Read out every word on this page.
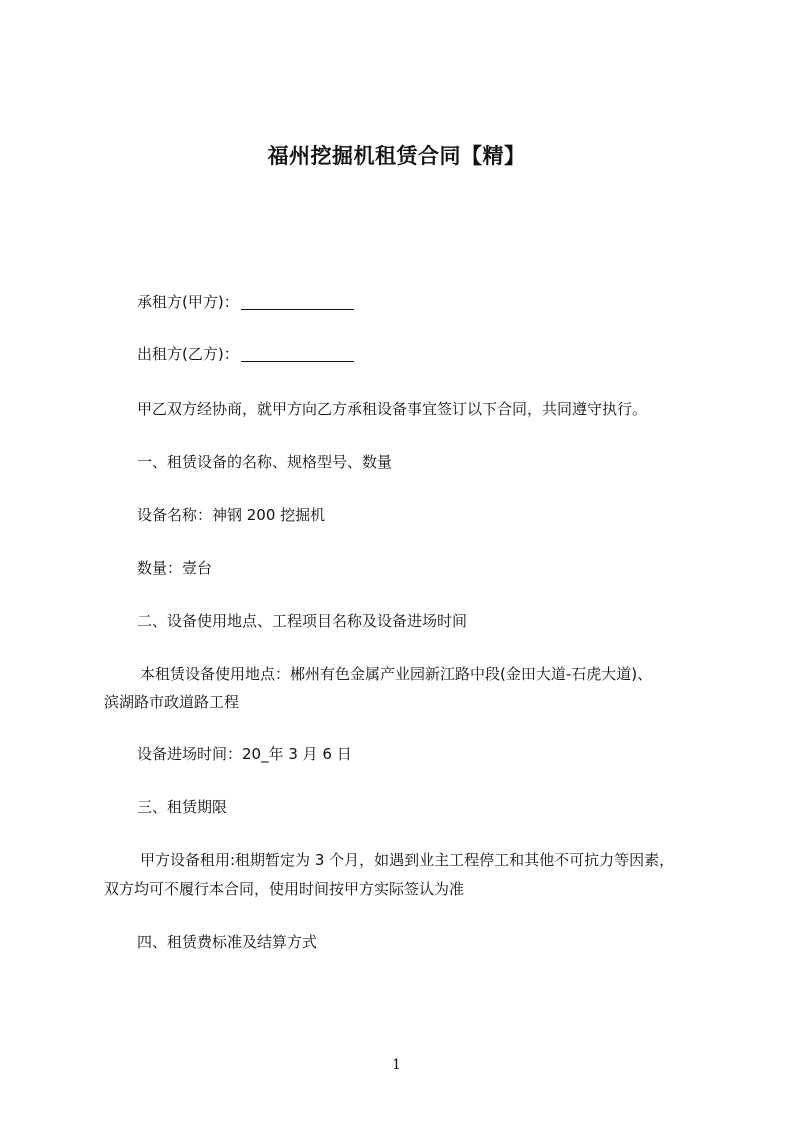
福州挖掘机租赁合同【精】
承租方(甲方)：
出租方(乙方)：
甲乙双方经协商，就甲方向乙方承租设备事宜签订以下合同，共同遵守执行。
一、租赁设备的名称、规格型号、数量
设备名称：神钢 200 挖掘机
数量：壹台
二、设备使用地点、工程项目名称及设备进场时间
本租赁设备使用地点：郴州有色金属产业园新江路中段(金田大道-石虎大道)、
滨湖路市政道路工程
设备进场时间：20_年 3 月 6 日
三、租赁期限
甲方设备租用:租期暂定为 3 个月，如遇到业主工程停工和其他不可抗力等因素，
双方均可不履行本合同，使用时间按甲方实际签认为准
四、租赁费标准及结算方式
1
